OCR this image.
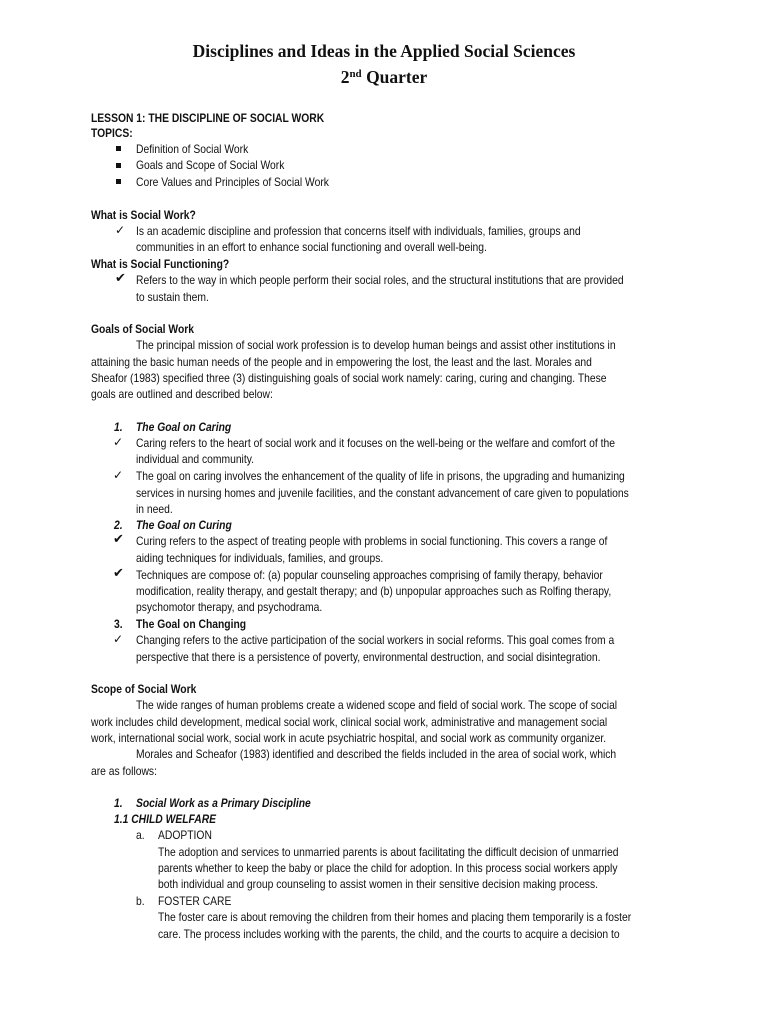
Disciplines and Ideas in the Applied Social Sciences
2nd Quarter
LESSON 1: THE DISCIPLINE OF SOCIAL WORK
TOPICS:
Definition of Social Work
Goals and Scope of Social Work
Core Values and Principles of Social Work
What is Social Work?
✓ Is an academic discipline and profession that concerns itself with individuals, families, groups and
communities in an effort to enhance social functioning and overall well-being.
What is Social Functioning?
✔ Refers to the way in which people perform their social roles, and the structural institutions that are provided
to sustain them.
Goals of Social Work
The principal mission of social work profession is to develop human beings and assist other institutions in
attaining the basic human needs of the people and in empowering the lost, the least and the last. Morales and
Sheafor (1983) specified three (3) distinguishing goals of social work namely: caring, curing and changing. These
goals are outlined and described below:
1. The Goal on Caring
✓ Caring refers to the heart of social work and it focuses on the well-being or the welfare and comfort of the
individual and community.
✓ The goal on caring involves the enhancement of the quality of life in prisons, the upgrading and humanizing
services in nursing homes and juvenile facilities, and the constant advancement of care given to populations
in need.
2. The Goal on Curing
✔ Curing refers to the aspect of treating people with problems in social functioning. This covers a range of
aiding techniques for individuals, families, and groups.
✔ Techniques are compose of: (a) popular counseling approaches comprising of family therapy, behavior
modification, reality therapy, and gestalt therapy; and (b) unpopular approaches such as Rolfing therapy,
psychomotor therapy, and psychodrama.
3. The Goal on Changing
✓ Changing refers to the active participation of the social workers in social reforms. This goal comes from a
perspective that there is a persistence of poverty, environmental destruction, and social disintegration.
Scope of Social Work
The wide ranges of human problems create a widened scope and field of social work. The scope of social
work includes child development, medical social work, clinical social work, administrative and management social
work, international social work, social work in acute psychiatric hospital, and social work as community organizer.
Morales and Scheafor (1983) identified and described the fields included in the area of social work, which
are as follows:
1. Social Work as a Primary Discipline
1.1 CHILD WELFARE
a. ADOPTION
The adoption and services to unmarried parents is about facilitating the difficult decision of unmarried
parents whether to keep the baby or place the child for adoption. In this process social workers apply
both individual and group counseling to assist women in their sensitive decision making process.
b. FOSTER CARE
The foster care is about removing the children from their homes and placing them temporarily is a foster
care. The process includes working with the parents, the child, and the courts to acquire a decision to
